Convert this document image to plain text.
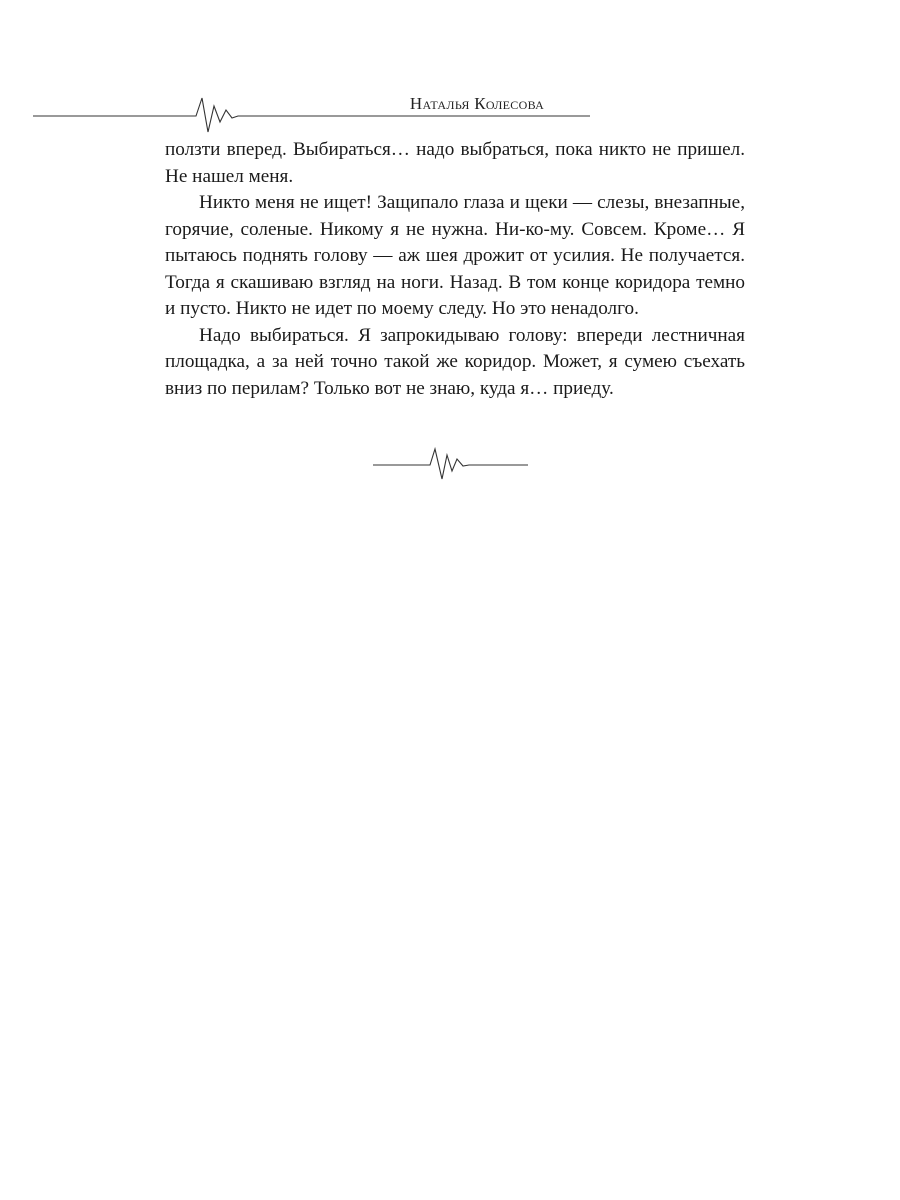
Наталья Колесова

ползти вперед. Выбираться… надо выбраться, пока никто не пришел. Не нашел меня.

Никто меня не ищет! Защипало глаза и щеки — слезы, внезапные, горячие, соленые. Никому я не нужна. Ни-ко-му. Совсем. Кроме… Я пытаюсь поднять голову — аж шея дрожит от усилия. Не получается. Тогда я скашиваю взгляд на ноги. Назад. В том конце коридора темно и пусто. Никто не идет по моему следу. Но это ненадолго.

Надо выбираться. Я запрокидываю голову: впереди лестничная площадка, а за ней точно такой же коридор. Может, я сумею съехать вниз по перилам? Только вот не знаю, куда я… приеду.
